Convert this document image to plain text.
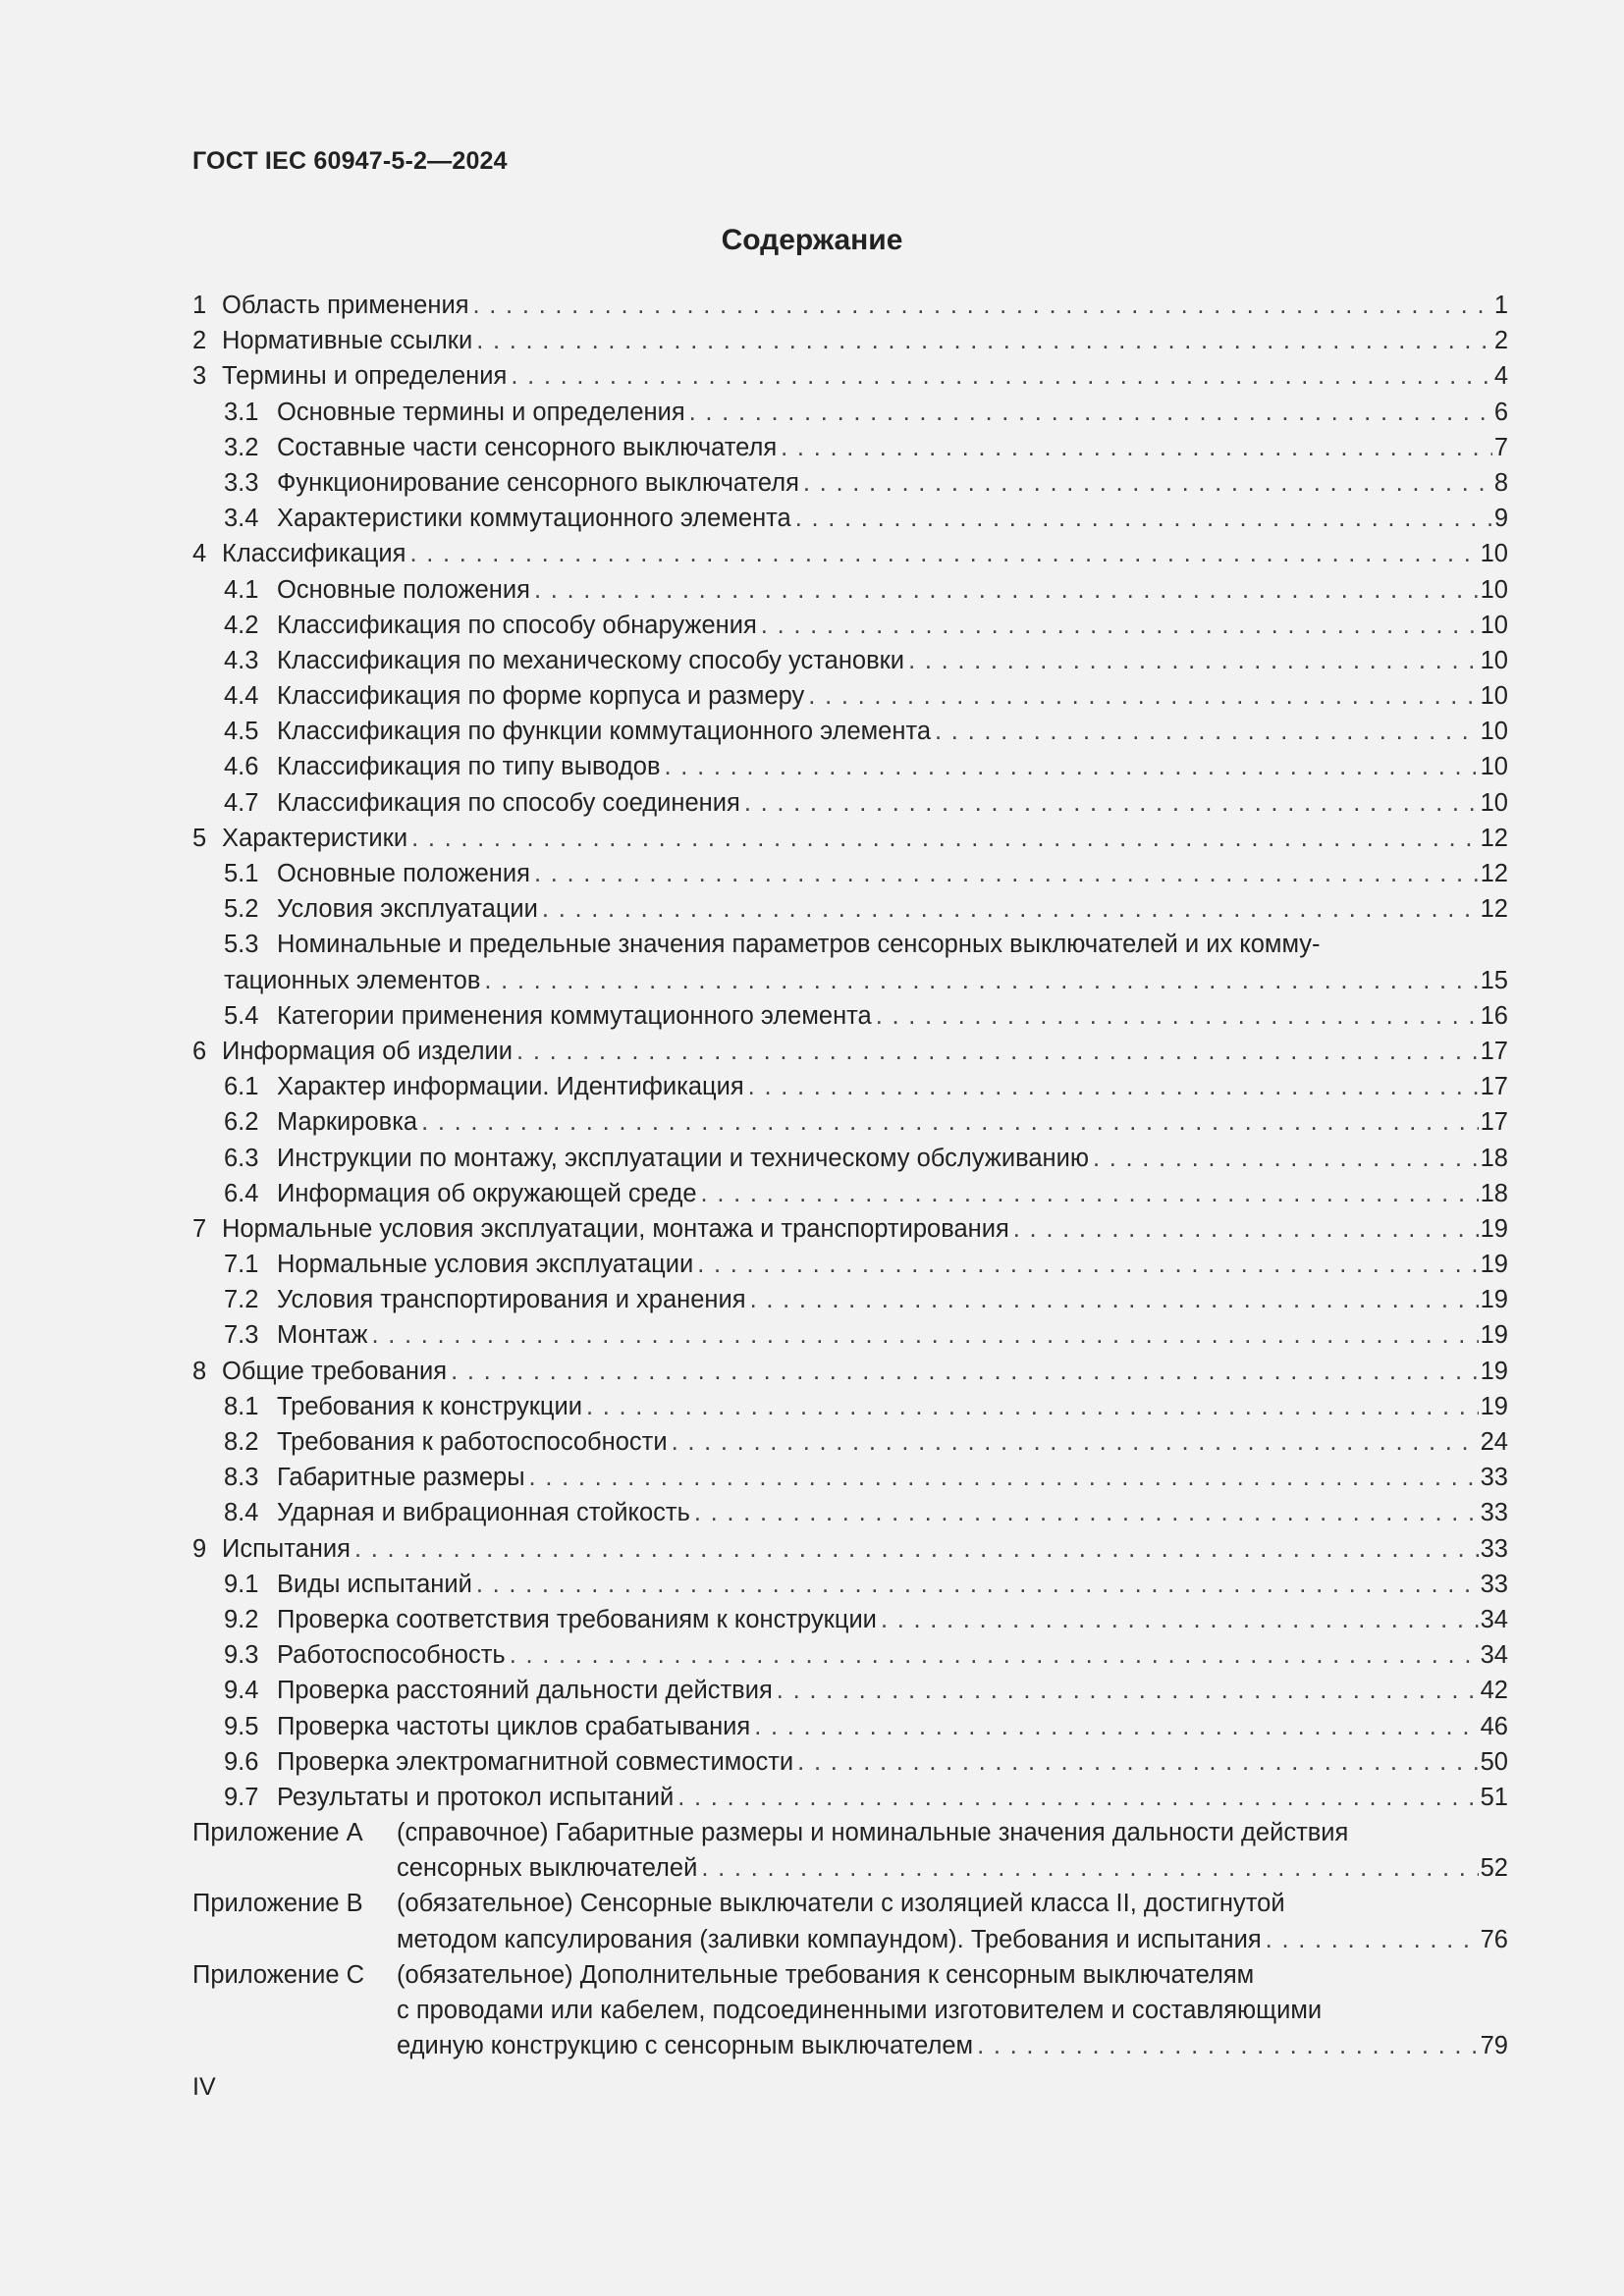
ГОСТ IEC 60947-5-2—2024
Содержание
1 Область применения . . .	1
2 Нормативные ссылки . . .	2
3 Термины и определения . . .	4
3.1 Основные термины и определения . . .	6
3.2 Составные части сенсорного выключателя . . .	7
3.3 Функционирование сенсорного выключателя . . .	8
3.4 Характеристики коммутационного элемента . . .	9
4 Классификация . . .	10
4.1 Основные положения . . .	10
4.2 Классификация по способу обнаружения . . .	10
4.3 Классификация по механическому способу установки . . .	10
4.4 Классификация по форме корпуса и размеру . . .	10
4.5 Классификация по функции коммутационного элемента . . .	10
4.6 Классификация по типу выводов . . .	10
4.7 Классификация по способу соединения . . .	10
5 Характеристики . . .	12
5.1 Основные положения . . .	12
5.2 Условия эксплуатации . . .	12
5.3 Номинальные и предельные значения параметров сенсорных выключателей и их комму-
тационных элементов . . .	15
5.4 Категории применения коммутационного элемента . . .	16
6 Информация об изделии . . .	17
6.1 Характер информации. Идентификация . . .	17
6.2 Маркировка . . .	17
6.3 Инструкции по монтажу, эксплуатации и техническому обслуживанию . . .	18
6.4 Информация об окружающей среде . . .	18
7 Нормальные условия эксплуатации, монтажа и транспортирования . . .	19
7.1 Нормальные условия эксплуатации . . .	19
7.2 Условия транспортирования и хранения . . .	19
7.3 Монтаж . . .	19
8 Общие требования . . .	19
8.1 Требования к конструкции . . .	19
8.2 Требования к работоспособности . . .	24
8.3 Габаритные размеры . . .	33
8.4 Ударная и вибрационная стойкость . . .	33
9 Испытания . . .	33
9.1 Виды испытаний . . .	33
9.2 Проверка соответствия требованиям к конструкции . . .	34
9.3 Работоспособность . . .	34
9.4 Проверка расстояний дальности действия . . .	42
9.5 Проверка частоты циклов срабатывания . . .	46
9.6 Проверка электромагнитной совместимости . . .	50
9.7 Результаты и протокол испытаний . . .	51
Приложение А	(справочное) Габаритные размеры и номинальные значения дальности действия
сенсорных выключателей . . .	52
Приложение В	(обязательное) Сенсорные выключатели с изоляцией класса II, достигнутой
методом капсулирования (заливки компаундом). Требования и испытания . . .	76
Приложение С	(обязательное) Дополнительные требования к сенсорным выключателям
с проводами или кабелем, подсоединенными изготовителем и составляющими
единую конструкцию с сенсорным выключателем . . .	79
IV
